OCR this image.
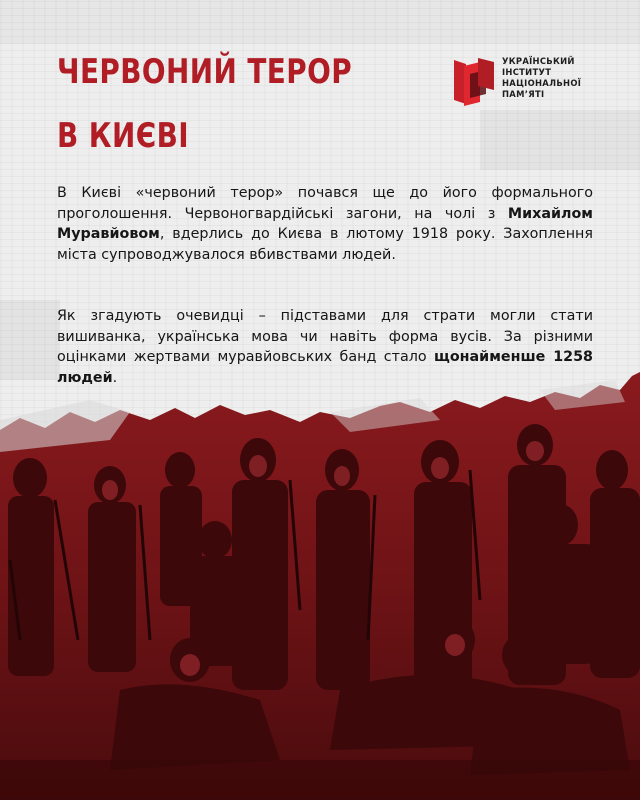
ЧЕРВОНИЙ ТЕРОР
В КИЄВІ
УКРАЇНСЬКИЙ
ІНСТИТУТ
НАЦІОНАЛЬНОЇ
ПАМ’ЯТІ

В Києві «червоний терор» почався ще до його формального проголошення. Червоногвардійські загони, на чолі з Михайлом Муравйовом, вдерлись до Києва в лютому 1918 року. Захоплення міста супроводжувалося вбивствами людей.

Як згадують очевидці – підставами для страти могли стати вишиванка, українська мова чи навіть форма вусів. За різними оцінками жертвами муравйовських банд стало щонайменше 1258 людей.
